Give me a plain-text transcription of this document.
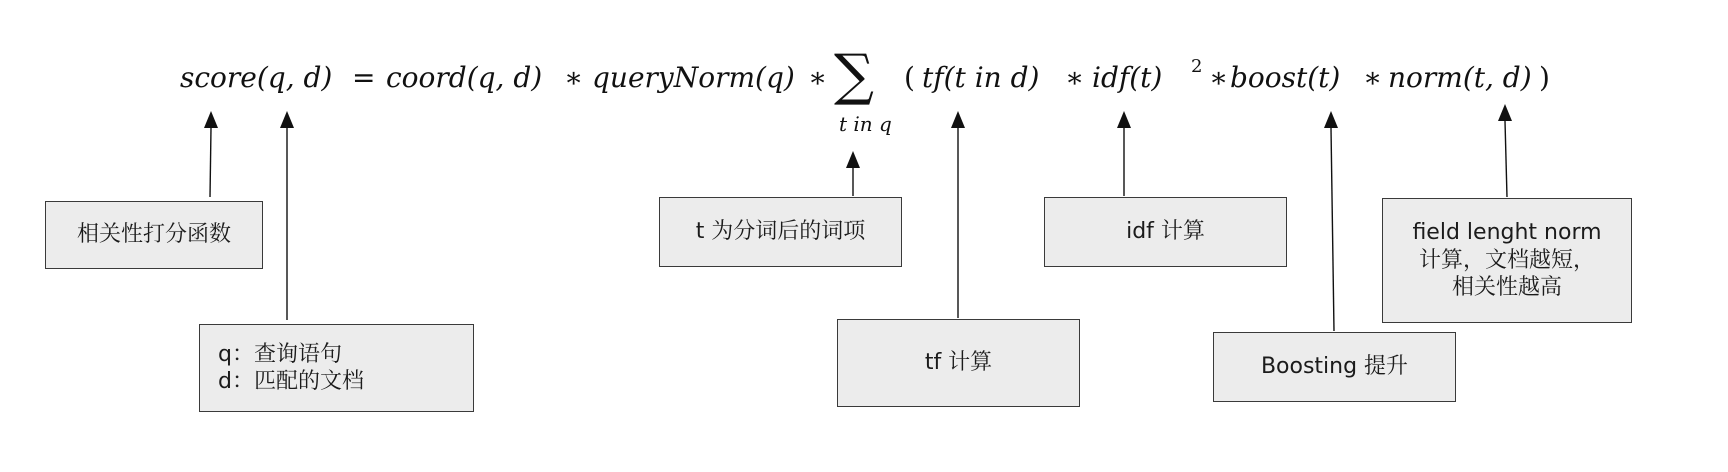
score(q, d) = coord(q, d) ∗ queryNorm(q) ∗ ∑
t in q
( tf(t in d) ∗ idf(t) 2 ∗ boost(t) ∗ norm(t, d) )
相关性打分函数
q：查询语句
d：匹配的文档
t 为分词后的词项
tf 计算
idf 计算
Boosting 提升
field lenght norm
计算，文档越短，
相关性越高
